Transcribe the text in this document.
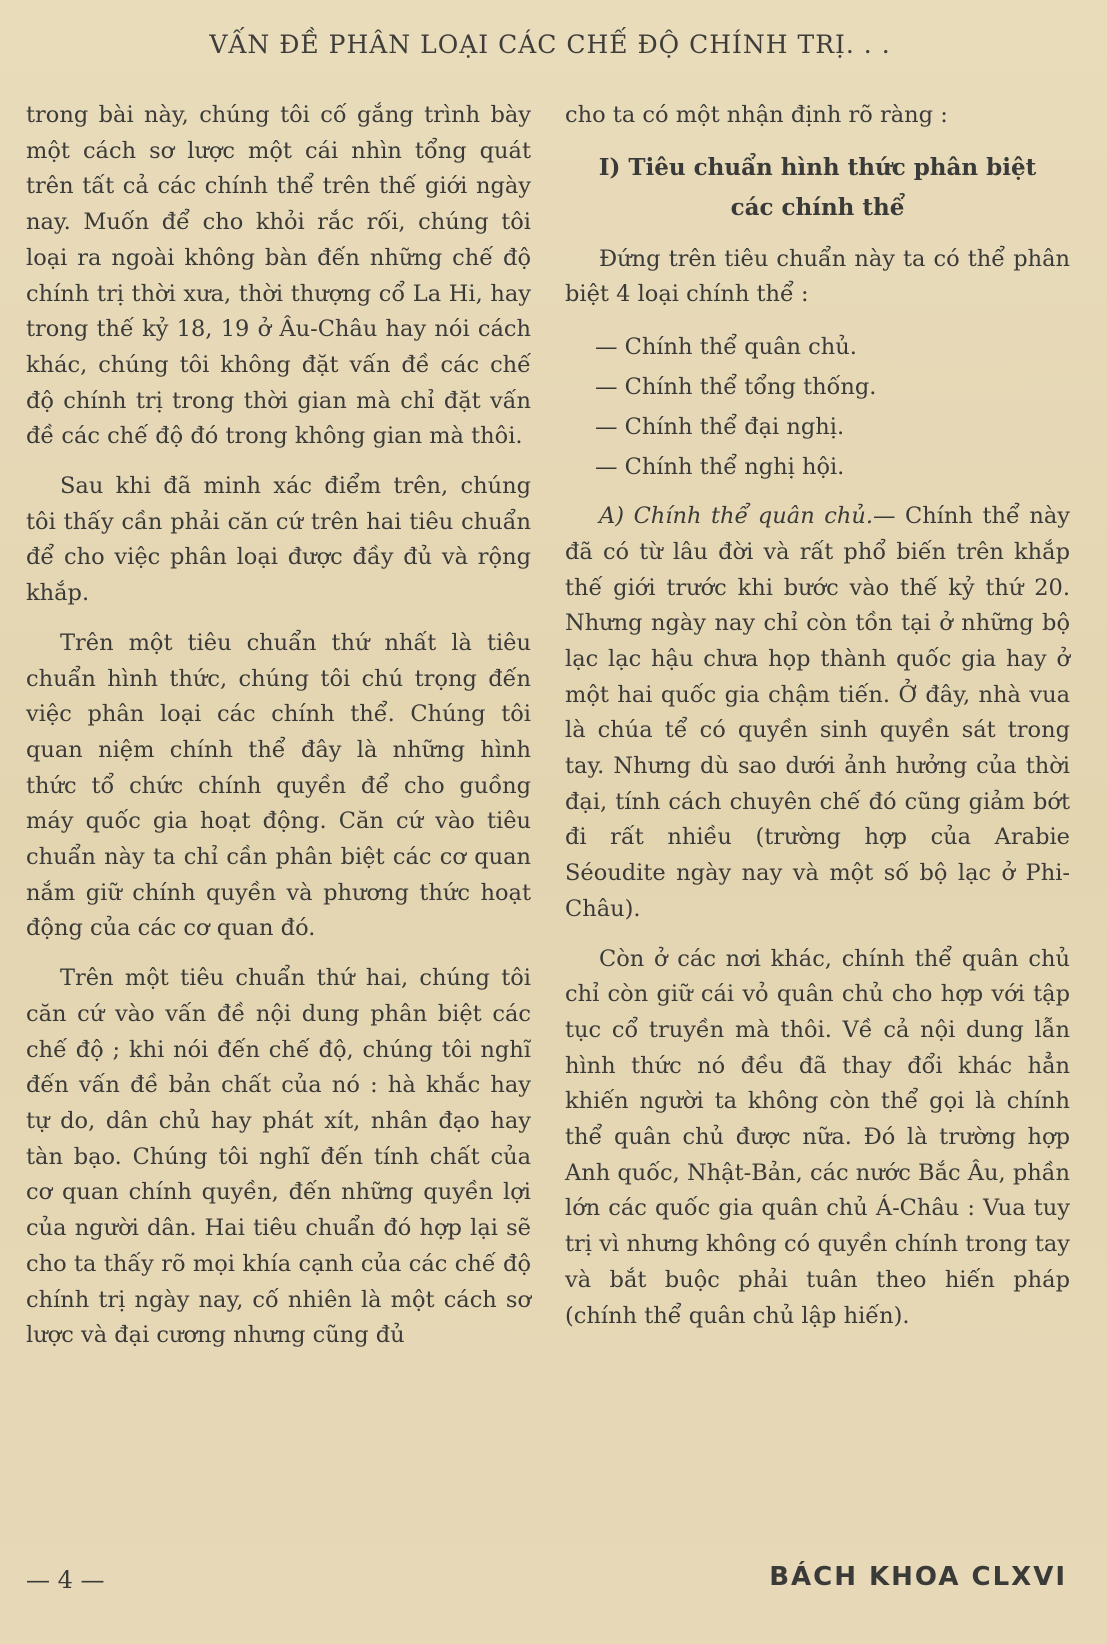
VẤN ĐỀ PHÂN LOẠI CÁC CHẾ ĐỘ CHÍNH TRỊ. . .

trong bài này, chúng tôi cố gắng trình bày một cách sơ lược một cái nhìn tổng quát trên tất cả các chính thể trên thế giới ngày nay. Muốn để cho khỏi rắc rối, chúng tôi loại ra ngoài không bàn đến những chế độ chính trị thời xưa, thời thượng cổ La Hi, hay trong thế kỷ 18, 19 ở Âu-Châu hay nói cách khác, chúng tôi không đặt vấn đề các chế độ chính trị trong thời gian mà chỉ đặt vấn đề các chế độ đó trong không gian mà thôi.

Sau khi đã minh xác điểm trên, chúng tôi thấy cần phải căn cứ trên hai tiêu chuẩn để cho việc phân loại được đầy đủ và rộng khắp.

Trên một tiêu chuẩn thứ nhất là tiêu chuẩn hình thức, chúng tôi chú trọng đến việc phân loại các chính thể. Chúng tôi quan niệm chính thể đây là những hình thức tổ chức chính quyền để cho guồng máy quốc gia hoạt động. Căn cứ vào tiêu chuẩn này ta chỉ cần phân biệt các cơ quan nắm giữ chính quyền và phương thức hoạt động của các cơ quan đó.

Trên một tiêu chuẩn thứ hai, chúng tôi căn cứ vào vấn đề nội dung phân biệt các chế độ ; khi nói đến chế độ, chúng tôi nghĩ đến vấn đề bản chất của nó : hà khắc hay tự do, dân chủ hay phát xít, nhân đạo hay tàn bạo. Chúng tôi nghĩ đến tính chất của cơ quan chính quyền, đến những quyền lợi của người dân. Hai tiêu chuẩn đó hợp lại sẽ cho ta thấy rõ mọi khía cạnh của các chế độ chính trị ngày nay, cố nhiên là một cách sơ lược và đại cương nhưng cũng đủ

cho ta có một nhận định rõ ràng :

I) Tiêu chuẩn hình thức phân biệt các chính thể

Đứng trên tiêu chuẩn này ta có thể phân biệt 4 loại chính thể :

— Chính thể quân chủ.
— Chính thể tổng thống.
— Chính thể đại nghị.
— Chính thể nghị hội.

A) Chính thể quân chủ.— Chính thể này đã có từ lâu đời và rất phổ biến trên khắp thế giới trước khi bước vào thế kỷ thứ 20. Nhưng ngày nay chỉ còn tồn tại ở những bộ lạc lạc hậu chưa họp thành quốc gia hay ở một hai quốc gia chậm tiến. Ở đây, nhà vua là chúa tể có quyền sinh quyền sát trong tay. Nhưng dù sao dưới ảnh hưởng của thời đại, tính cách chuyên chế đó cũng giảm bớt đi rất nhiều (trường hợp của Arabie Séoudite ngày nay và một số bộ lạc ở Phi-Châu).

Còn ở các nơi khác, chính thể quân chủ chỉ còn giữ cái vỏ quân chủ cho hợp với tập tục cổ truyền mà thôi. Về cả nội dung lẫn hình thức nó đều đã thay đổi khác hẳn khiến người ta không còn thể gọi là chính thể quân chủ được nữa. Đó là trường hợp Anh quốc, Nhật-Bản, các nước Bắc Âu, phần lớn các quốc gia quân chủ Á-Châu : Vua tuy trị vì nhưng không có quyền chính trong tay và bắt buộc phải tuân theo hiến pháp (chính thể quân chủ lập hiến).

— 4 —	BÁCH KHOA CLXVI
